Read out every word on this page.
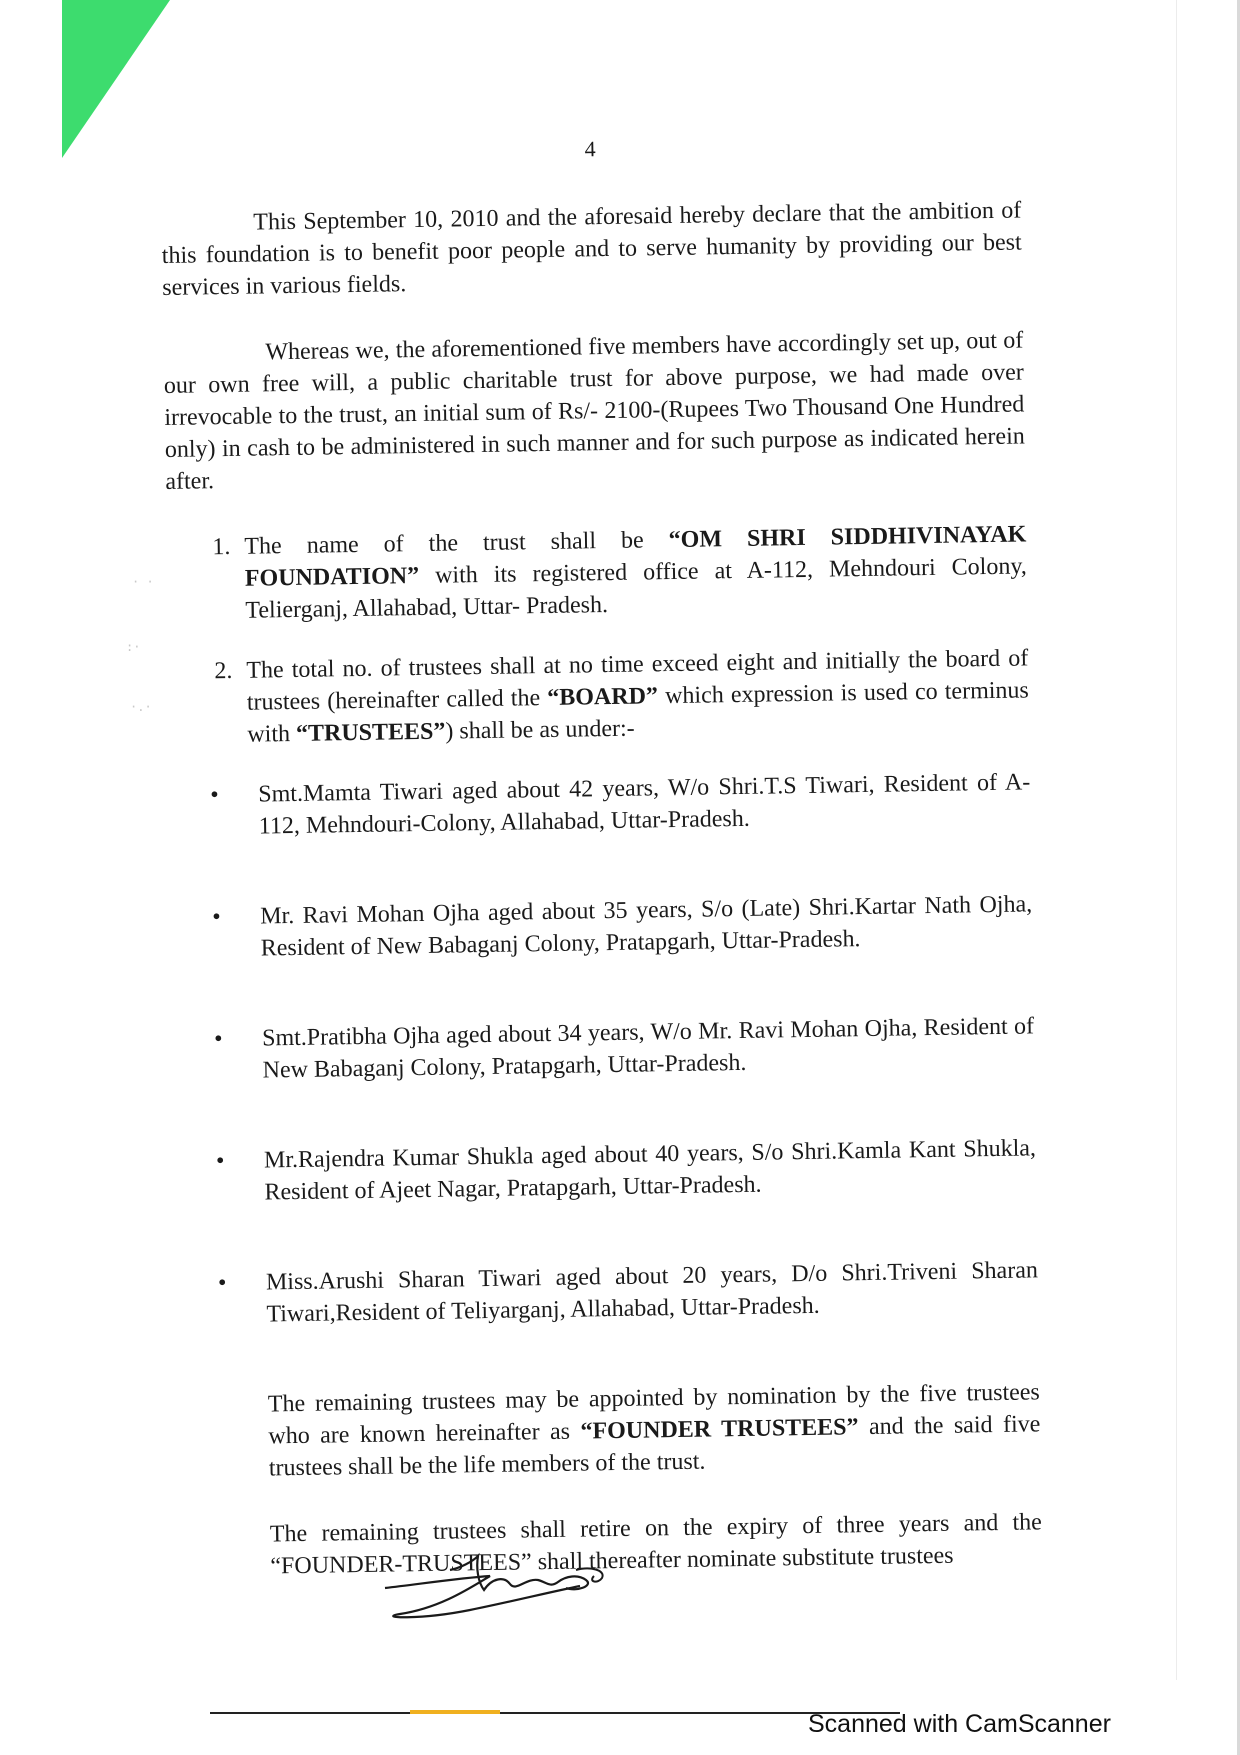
4

This September 10, 2010 and the aforesaid hereby declare that the ambition of this foundation is to benefit poor people and to serve humanity by providing our best services in various fields.

Whereas we, the aforementioned five members have accordingly set up, out of our own free will, a public charitable trust for above purpose, we had made over irrevocable to the trust, an initial sum of Rs/- 2100-(Rupees Two Thousand One Hundred only) in cash to be administered in such manner and for such purpose as indicated herein after.

1. The name of the trust shall be “OM SHRI SIDDHIVINAYAK FOUNDATION” with its registered office at A-112, Mehndouri Colony, Telierganj, Allahabad, Uttar- Pradesh.
2. The total no. of trustees shall at no time exceed eight and initially the board of trustees (hereinafter called the “BOARD” which expression is used co terminus with “TRUSTEES”) shall be as under:-
• Smt.Mamta Tiwari aged about 42 years, W/o Shri.T.S Tiwari, Resident of A-112, Mehndouri-Colony, Allahabad, Uttar-Pradesh.
• Mr. Ravi Mohan Ojha aged about 35 years, S/o (Late) Shri.Kartar Nath Ojha, Resident of New Babaganj Colony, Pratapgarh, Uttar-Pradesh.
• Smt.Pratibha Ojha aged about 34 years, W/o Mr. Ravi Mohan Ojha, Resident of New Babaganj Colony, Pratapgarh, Uttar-Pradesh.
• Mr.Rajendra Kumar Shukla aged about 40 years, S/o Shri.Kamla Kant Shukla, Resident of Ajeet Nagar, Pratapgarh, Uttar-Pradesh.
• Miss.Arushi Sharan Tiwari aged about 20 years, D/o Shri.Triveni Sharan Tiwari,Resident of Teliyarganj, Allahabad, Uttar-Pradesh.

The remaining trustees may be appointed by nomination by the five trustees who are known hereinafter as “FOUNDER TRUSTEES” and the said five trustees shall be the life members of the trust.

The remaining trustees shall retire on the expiry of three years and the “FOUNDER-TRUSTEES” shall thereafter nominate substitute trustees

· ·
:·
·.·
Scanned with CamScanner
